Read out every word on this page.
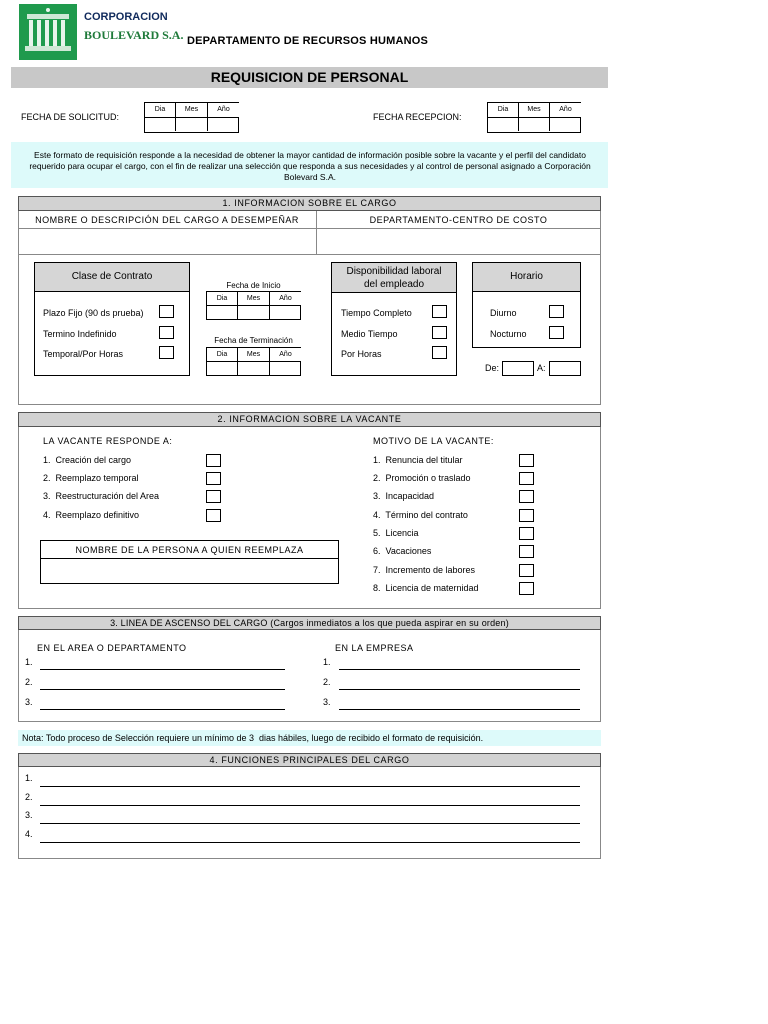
CORPORACION
BOULEVARD S.A. DEPARTAMENTO DE RECURSOS HUMANOS
REQUISICION DE PERSONAL
FECHA DE SOLICITUD:
Dia	Mes	Año
FECHA RECEPCION:
Dia	Mes	Año
Este formato de requisición responde a la necesidad de obtener la mayor cantidad de información posible sobre la vacante y el perfil del candidato requerido para ocupar el cargo, con el fin de realizar una selección que responda a sus necesidades y al control de personal asignado a Corporación Bolevard S.A.
1. INFORMACION SOBRE EL CARGO
NOMBRE O DESCRIPCIÓN DEL CARGO A DESEMPEÑAR	DEPARTAMENTO-CENTRO DE COSTO
Clase de Contrato
Plazo Fijo (90 ds prueba)
Termino Indefinido
Temporal/Por Horas
Fecha de Inicio
Dia	Mes	Año
Fecha de Terminación
Dia	Mes	Año
Disponibilidad laboral
del empleado
Tiempo Completo
Medio Tiempo
Por Horas
Horario
Diurno
Nocturno
De:	A:
2. INFORMACION SOBRE LA VACANTE
LA VACANTE RESPONDE A:
1.  Creación del cargo
2.  Reemplazo temporal
3.  Reestructuración del Area
4.  Reemplazo definitivo
NOMBRE DE LA PERSONA A QUIEN REEMPLAZA
MOTIVO DE LA VACANTE:
1.  Renuncia del titular
2.  Promoción o traslado
3.  Incapacidad
4.  Término del contrato
5.  Licencia
6.  Vacaciones
7.  Incremento de labores
8.  Licencia de maternidad
3. LINEA DE ASCENSO DEL CARGO (Cargos inmediatos a los que pueda aspirar en su orden)
EN EL AREA O DEPARTAMENTO	EN LA EMPRESA
1.
2.
3.
1.
2.
3.
Nota: Todo proceso de Selección requiere un mínimo de 3  dias hábiles, luego de recibido el formato de requisición.
4. FUNCIONES PRINCIPALES DEL CARGO
1.
2.
3.
4.
